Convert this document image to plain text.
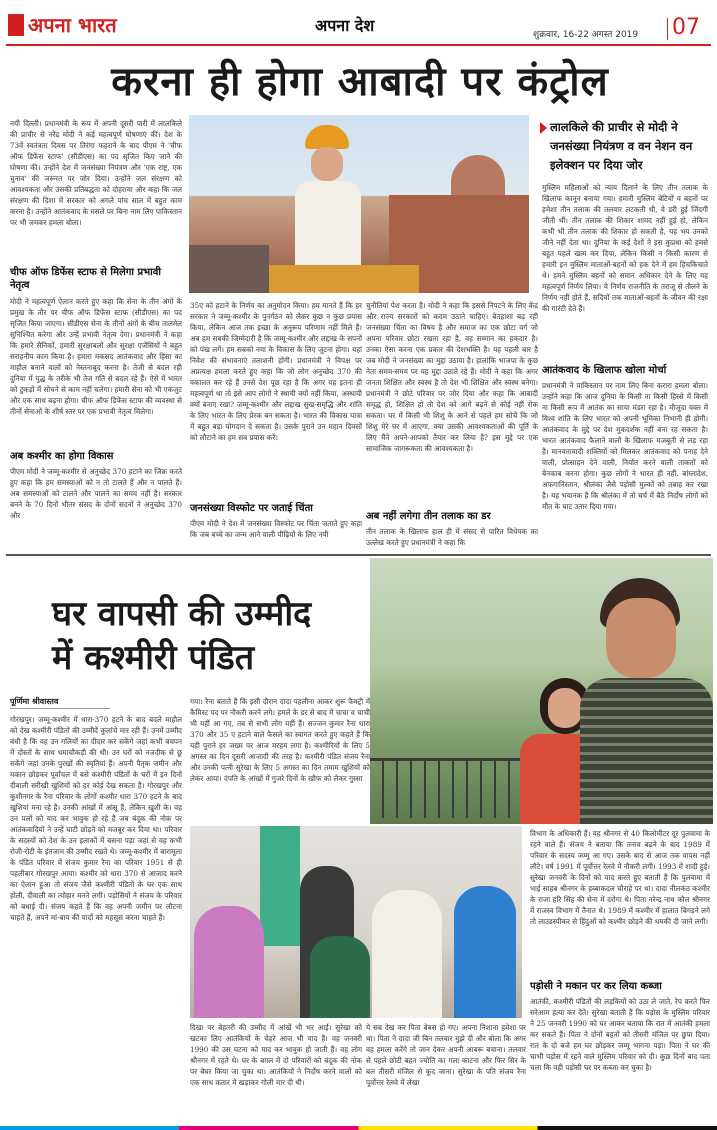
अपना भारत	अपना देश	शुक्रवार, 16-22 अगस्त 2019 07
करना ही होगा आबादी पर कंट्रोल
लालकिले की प्राचीर से मोदी ने जनसंख्या नियंत्रण व वन नेशन वन इलेक्शन पर दिया जोर
नयी दिल्ली। प्रधानमंत्री के रूप में अपनी दूसरी पारी में लालकिले की प्राचीर से नरेंद्र मोदी ने कई महत्वपूर्ण घोषणाएं कीं। देश के 73वें स्वतंत्रता दिवस पर तिरंगा फहराने के बाद पीएम ने 'चीफ ऑफ डिफेंस स्टाफ' (सीडीएस) का पद सृजित किए जाने की घोषणा की। उन्होंने देश में जनसंख्या नियंत्रण और 'एक राष्ट्र, एक चुनाव' की जरूरत पर जोर दिया। उन्होंने जल संरक्षण को आवश्यकता और उसकी प्रतिबद्धता को दोहराया और कहा कि जल संरक्षण की दिशा में सरकार को अगले पांच साल में बहुत काम करना है। उन्होंने आतंकवाद के मसले पर बिना नाम लिए पाकिस्तान पर भी जमकर हमला बोला।
चीफ ऑफ डिफेंस स्टाफ से मिलेगा प्रभावी नेतृत्व
मोदी ने महत्वपूर्ण ऐलान करते हुए कहा कि सेना के तीन अंगों के प्रमुख के तौर पर चीफ ऑफ डिफेंस स्टाफ (सीडीएस) का पद सृजित किया जाएगा। सीडीएस सेना के तीनों अंगों के बीच तालमेल सुनिश्चित करेगा और उन्हें प्रभावी नेतृत्व देगा। प्रधानमंत्री ने कहा कि हमारे सैनिकों, हमारी सुरक्षाबलों और सुरक्षा एजेंसियों ने बहुत सराहनीय काम किया है। हमारा मकसद आतंकवाद और हिंसा का माहौल बनाने वालों को नेस्तनाबूद करना है। तेजी से बदल रही दुनिया में युद्ध के तरीके भी तेज गति से बदल रहे हैं। ऐसे में भारत को टुकड़ों में सोचने से काम नहीं चलेगा। हमारी सेना को भी एकजुट और एक साथ बढ़ना होगा। चीफ ऑफ डिफेंस स्टाफ की व्यवस्था से तीनों सेनाओं के शीर्ष स्तर पर एक प्रभावी नेतृत्व मिलेगा।
अब कश्मीर का होगा विकास
पीएम मोदी ने जम्मू-कश्मीर से अनुच्छेद 370 हटाने का जिक्र करते हुए कहा कि हम समस्याओं को न तो टालते हैं और न पालते हैं। अब समस्याओं को टालने और पालने का समय नहीं है। सरकार बनने के 70 दिनों भीतर संसद के दोनों सदनों ने अनुच्छेद 370 और
35ए को हटाने के निर्णय का अनुमोदन किया। हम मानते हैं कि हर सरकार ने जम्मू-कश्मीर के पुनर्गठन को लेकर कुछ न कुछ प्रयास किया, लेकिन आज तक इच्छा के अनुरूप परिणाम नहीं मिले हैं। अब हम सबकी जिम्मेदारी है कि जम्मू-कश्मीर और लद्दाख के सपनों को पंख लगें। हम सबको नया के विकास के लिए जुटना होगा। यहां निवेश की संभावनाएं तलाशनी होंगी। प्रधानमंत्री ने विपक्ष पर अप्रत्यक्ष हमला करते हुए कहा कि जो लोग अनुच्छेद 370 की वकालत कर रहे हैं उनसे देश पूछ रहा है कि अगर यह इतना ही महत्वपूर्ण था तो इसे आप लोगों ने स्थायी क्यों नहीं किया, अस्थायी क्यों बनाए रखा? जम्मू-कश्मीर और लद्दाख सुख-समृद्धि और शांति के लिए भारत के लिए प्रेरक बन सकता है। भारत की विकास यात्रा में बहुत बड़ा योगदान दे सकता है। उसके पुराने उन महान दिवसों को लौटाने का हम सब प्रयास करें।
जनसंख्या विस्फोट पर जताई चिंता
पीएम मोदी ने देश में जनसंख्या विस्फोट पर चिंता जताते हुए कहा कि जब बच्चे का जन्म आने वाली पीढ़ियों के लिए नयी
चुनौतियां पेश करता है। मोदी ने कहा कि इससे निपटने के लिए केंद्र और राज्य सरकारों को कदम उठाने चाहिए। बेतहाशा बढ़ रही जनसंख्या चिंता का विषय है और समाज का एक छोटा वर्ग जो अपना परिवार छोटा रखता रहा है, वह सम्मान का हकदार है। उनका ऐसा करना एक प्रकार की देशभक्ति है। यह पहली बार है जब मोदी ने जनसंख्या का मुद्दा उठाया है। हालांकि भाजपा के कुछ नेता समय-समय पर यह मुद्दा उठाते रहे हैं। मोदी ने कहा कि अगर जनता शिक्षित और स्वस्थ है तो देश भी शिक्षित और स्वस्थ बनेगा। प्रधानमंत्री ने छोटे परिवार पर जोर दिया और कहा कि आबादी समृद्ध हो, शिक्षित हो तो देश को आगे बढ़ने से कोई नहीं रोक सकता। घर में किसी भी शिशु के आने से पहले हम सोचें कि जो शिशु मेरे घर में आएगा, क्या उसकी आवश्यकताओं की पूर्ति के लिए मैंने अपने-आपको तैयार कर लिया है? इस मुद्दे पर एक सामाजिक जागरूकता की आवश्यकता है।
अब नहीं लगेगा तीन तलाक का डर
तीन तलाक के खिलाफ हाल ही में संसद से पारित विधेयक का उल्लेख करते हुए प्रधानमंत्री ने कहा कि
मुस्लिम महिलाओं को न्याय दिलाने के लिए तीन तलाक के खिलाफ कानून बनाया गया। हमारी मुस्लिम बेटियों व बहनों पर हमेशा तीन तलाक की तलवार लटकती थी, वे डरी हुई जिंदगी जीती थीं। तीन तलाक की शिकार शायद नहीं हुई हो, लेकिन कभी भी तीन तलाक की शिकार हो सकती है, यह भय उनको जीने नहीं देता था। दुनिया के कई देशों ने इस कुप्रथा को हमसे बहुत पहले खत्म कर दिया, लेकिन किसी न किसी कारण से हमारी इन मुस्लिम माताओं-बहनों को हक देने में हम हिचकिचाते थे। हमने मुस्लिम बहनों को समान अधिकार देने के लिए यह महत्वपूर्ण निर्णय लिया। ये निर्णय राजनीति के तराजू से तौलने के निर्णय नहीं होते हैं, सदियों तक माताओं-बहनों के जीवन की रक्षा की गारंटी देते हैं।
आतंकवाद के खिलाफ खोला मोर्चा
प्रधानमंत्री ने पाकिस्तान पर नाम लिए बिना करारा हमला बोला। उन्होंने कहा कि आज दुनिया के किसी ना किसी हिस्से में किसी ना किसी रूप में आतंक का साया मंडरा रहा है। मौजूदा वक्त में विश्व शांति के लिए भारत को अपनी भूमिका निभानी ही होगी। आतंकवाद के मुद्दे पर देश मुकदर्शक नहीं बना रह सकता है। भारत आतंकवाद फैलाने वालों के खिलाफ मजबूती से लड़ रहा है। मानवतावादी शक्तियों को मिलकर आतंकवाद को पनाह देने वाली, प्रोत्साहन देने वाली, निर्यात करने वाली ताकतों को बेनकाब करना होगा। कुछ लोगों ने भारत ही नहीं, बांग्लादेश, अफगानिस्तान, श्रीलंका जैसे पड़ोसी मुल्कों को तबाह कर रखा है। यह भयानक है कि श्रीलंका में तो चर्च में बैठे निर्दोष लोगों को मौत के घाट उतार दिया गया।
घर वापसी की उम्मीद
में कश्मीरी पंडित
पूर्णिमा श्रीवास्तव
गोरखपुर। जम्मू-कश्मीर में धारा-370 हटने के बाद बदले माहौल को देख कश्मीरी पंडितों की उम्मीदें कुलांचे मार रही हैं। उनमें उम्मीद बंधी है कि वह उन गलियों का दीदार कर सकेंगे जहां कभी बचपन में दोस्तों के साथ धमाचौकड़ी की थी। उन घरों को नजदीक से छू सकेंगे जहां उनके पुरखों की स्मृतियां हैं। अपनी पैतृक जमीन और मकान छोड़कर पूर्वांचल में बसे कश्मीरी पंडितों के घरों में इन दिनों दीवाली सरीखी खुशियों को हर कोई देख सकता है। गोरखपुर और कुशीनगर के रैना परिवार के लोगों कश्मीर धारा 370 हटने के बाद खुशियां मना रहे हैं। उनकी आंखों में आंसू हैं, लेकिन खुशी के। वह उन पलों को याद कर भावुक हो रहे हैं जब बंदूक की नोक पर आतंकवादियों ने उन्हें घाटी छोड़ने को मजबूर कर दिया था। परिवार के सदस्यों को देश के उन इलाकों में बसना पड़ा जहां से वह कभी रोजी-रोटी के इंतजाम की उम्मीद रखते थे। जम्मू-कश्मीर में बारामूला के पंडित परिवार में संजय कुमार रैना का परिवार 1951 से ही पहलीबार गोरखपुर आया। कश्मीर को धारा 370 से आजाद करने का ऐलान हुआ तो संजय जैसे कश्मीरी पंडितों के घर एक साथ होली, दीवाली का त्योहार मनने लगी। पड़ोसियों ने संजय के परिवार को बधाई दी। संजय कहते हैं कि वह अपनी जमीन पर लौटना चाहते हैं, अपने मां-बाप की यादों को महसूस करना चाहते हैं।
गया। रैना बताते हैं कि इसी दौरान दादा पहलीना आकर शुरू फैक्ट्री में कैमिस्ट पद पर नौकरी करने लगे। हमले के डर से बाद में चाचा व चाची भी यहीं आ गए, तब से सभी लोग यहीं हैं। सज्जन कुमार रैना धारा 370 और 35 ए हटाने वाले फैसले का स्वागत करते हुए कहते हैं कि यही पुराने हर जख्म पर आज मरहम लगा है। कश्मीरियों के लिए 5 अगस्त का दिन दूसरी आजादी की तरह है। कश्मीरी पंडित संजय रैना और उनकी पत्नी सुरेखा के लिए 5 अगस्त का दिन तमाम खुशियों को लेकर आया। दंपति के आंखों में गुजरे दिनों के खौफ को लेकर गुस्सा
दिखा पर बेहतरी की उम्मीद में आंखें भी भर आईं। सुरेखा को खटका लिए आतंकियों के चेहरे आज भी याद हैं। वह जनवरी 1990 की उस घटना को याद कर भावुक हो जाती हैं। वह लोग श्रीनगर में रहते थे। घर के बगल में दो परिवारों को बंदूक की नोक पर बेघर किया जा चुका था। आतंकियों ने निर्दोष करने वालों को एक साथ कतार में खड़ाकर गोली मार दी थी।
ये सब देख कर पिता बेबस हो गए। अपना निशाना हमेशा पर था। पिता ने दादा जी बिन तलवार मुझे दी और बोला कि अगर वह हमला करेंगे तो जान देकर अपनी आबरू बचाना। तलवार से पहले छोटी बहन ज्योति का गला काटना और फिर सिर के बल तीसरी मंजिल से कूद जाना। सुरेखा के पति संजय रैना पूर्वोत्तर रेलवे में लेखा
विभाग के अधिकारी हैं। वह श्रीनगर से 40 किलोमीटर दूर पुलवामा के रहने वाले हैं। संजय ने बताया कि तनाव बढ़ने के बाद 1989 में परिवार के सदस्य जम्मू आ गए। उसके बाद से आज तक वापस नहीं लौटे। वर्ष 1991 में पूर्वोत्तर रेलवे में नौकरी लगी। 1993 में शादी हुई। सुरेखा जनवरी के दिनों को याद करते हुए बताती हैं कि पुलवामा में भाई साहब श्रीनगर के हब्बाकदल चौराहे पर था। दादा नीलकंठ कश्मीर के राजा हरि सिंह की सेना में दरोगा थे। पिता नरेन्द्र नाथ कौल श्रीनगर में राजस्व विभाग में तैनात थे। 1989 में कश्मीर में हालात बिगड़ने लगे तो लाउडस्पीकर से हिंदुओं को कश्मीर छोड़ने की धमकी दी जाने लगी।
पड़ोसी ने मकान पर कर लिया कब्जा
आतंकी, कश्मीरी पंडितों की लड़कियों को उठा ले जाते, रेप करते फिर सरेआम हत्या कर देते। सुरेखा बताती हैं कि पड़ोस के मुस्लिम परिवार ने 25 जनवरी 1990 को घर आकर बताया कि रात में आतंकी हमला कर सकते हैं। पिता ने दोनों बहनों को तीसरी मंजिल पर छुपा दिया। रात के दो बजे हम घर छोड़कर जम्मू भागना पड़ा। पिता ने घर की चाभी पड़ोस में रहने वाले मुस्लिम परिवार को दी। कुछ दिनों बाद पता चला कि वही पड़ोसी घर पर कब्जा कर चुका है।
